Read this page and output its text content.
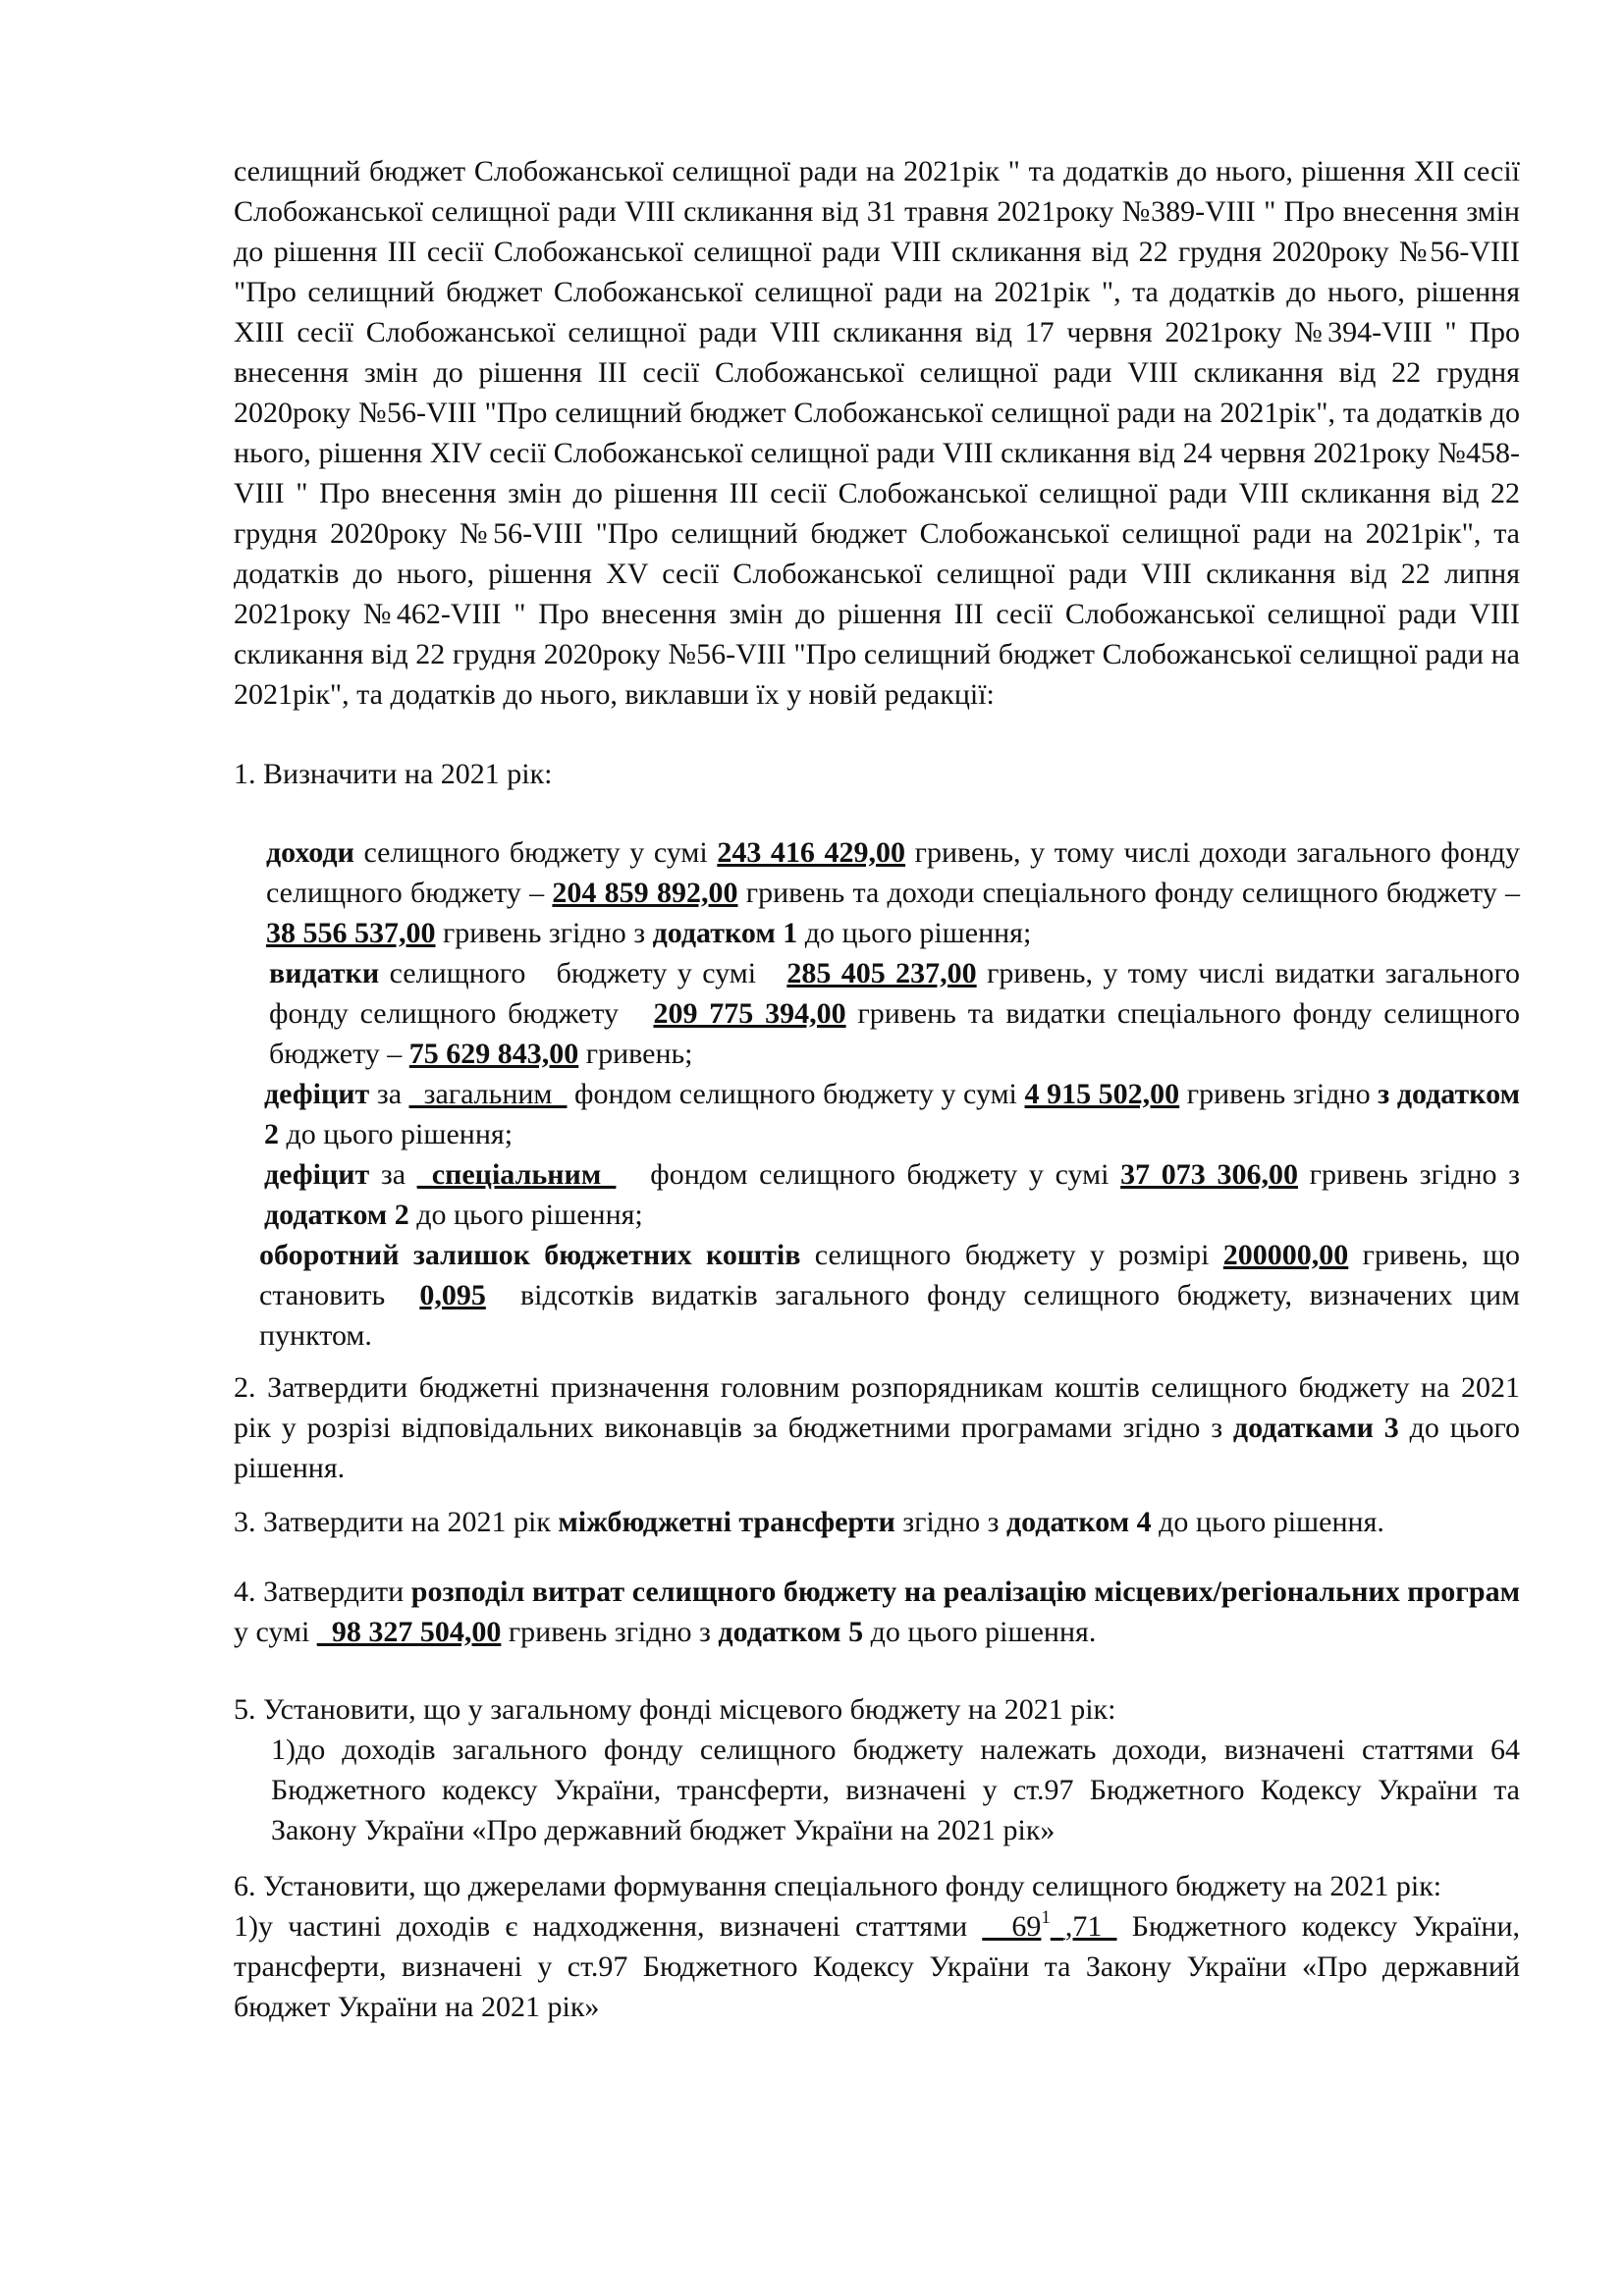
селищний бюджет Слобожанської селищної ради на 2021рік " та додатків до нього, рішення XII сесії Слобожанської селищної ради VIII скликання від 31 травня 2021року №389-VIII " Про внесення змін до рішення ІІІ сесії Слобожанської селищної ради VIII скликання від 22 грудня 2020року №56-VIII "Про селищний бюджет Слобожанської селищної ради на 2021рік ", та додатків до нього, рішення XIII сесії Слобожанської селищної ради VIII скликання від 17 червня 2021року №394-VIII " Про внесення змін до рішення ІІІ сесії Слобожанської селищної ради VIII скликання від 22 грудня 2020року №56-VIII "Про селищний бюджет Слобожанської селищної ради на 2021рік", та додатків до нього, рішення XIV сесії Слобожанської селищної ради VIII скликання від 24 червня 2021року №458-VIII " Про внесення змін до рішення ІІІ сесії Слобожанської селищної ради VIII скликання від 22 грудня 2020року №56-VIII "Про селищний бюджет Слобожанської селищної ради на 2021рік", та додатків до нього, рішення XV сесії Слобожанської селищної ради VIII скликання від 22 липня 2021року №462-VIII " Про внесення змін до рішення ІІІ сесії Слобожанської селищної ради VIII скликання від 22 грудня 2020року №56-VIII "Про селищний бюджет Слобожанської селищної ради на 2021рік", та додатків до нього, виклавши їх у новій редакції:

1. Визначити на 2021 рік:

доходи селищного бюджету у сумі 243 416 429,00 гривень, у тому числі доходи загального фонду селищного бюджету – 204 859 892,00 гривень та доходи спеціального фонду селищного бюджету – 38 556 537,00 гривень згідно з додатком 1 до цього рішення;

видатки селищного   бюджету у сумі   285 405 237,00 гривень, у тому числі видатки загального фонду селищного бюджету   209 775 394,00 гривень та видатки спеціального фонду селищного бюджету – 75 629 843,00 гривень;

дефіцит за _загальним_ фондом селищного бюджету у сумі 4 915 502,00 гривень згідно з додатком 2 до цього рішення;

дефіцит за _спеціальним_   фондом селищного бюджету у сумі 37 073 306,00 гривень згідно з додатком 2 до цього рішення;

оборотний залишок бюджетних коштів селищного бюджету у розмірі 200000,00 гривень, що становить  0,095  відсотків видатків загального фонду селищного бюджету, визначених цим пунктом.

2. Затвердити бюджетні призначення головним розпорядникам коштів селищного бюджету на 2021 рік у розрізі відповідальних виконавців за бюджетними програмами згідно з додатками 3 до цього рішення.

3. Затвердити на 2021 рік міжбюджетні трансферти згідно з додатком 4 до цього рішення.

4. Затвердити розподіл витрат селищного бюджету на реалізацію місцевих/регіональних програм у сумі _98 327 504,00 гривень згідно з додатком 5 до цього рішення.

5. Установити, що у загальному фонді місцевого бюджету на 2021 рік:

1)до доходів загального фонду селищного бюджету належать доходи, визначені статтями 64 Бюджетного кодексу України, трансферти, визначені у ст.97 Бюджетного Кодексу України та Закону України «Про державний бюджет України на 2021 рік»

6. Установити, що джерелами формування спеціального фонду селищного бюджету на 2021 рік:

1)у частині доходів є надходження, визначені статтями $\_\_69^1\_,71\_$ Бюджетного кодексу України, трансферти, визначені у ст.97 Бюджетного Кодексу України та Закону України «Про державний бюджет України на 2021 рік»
